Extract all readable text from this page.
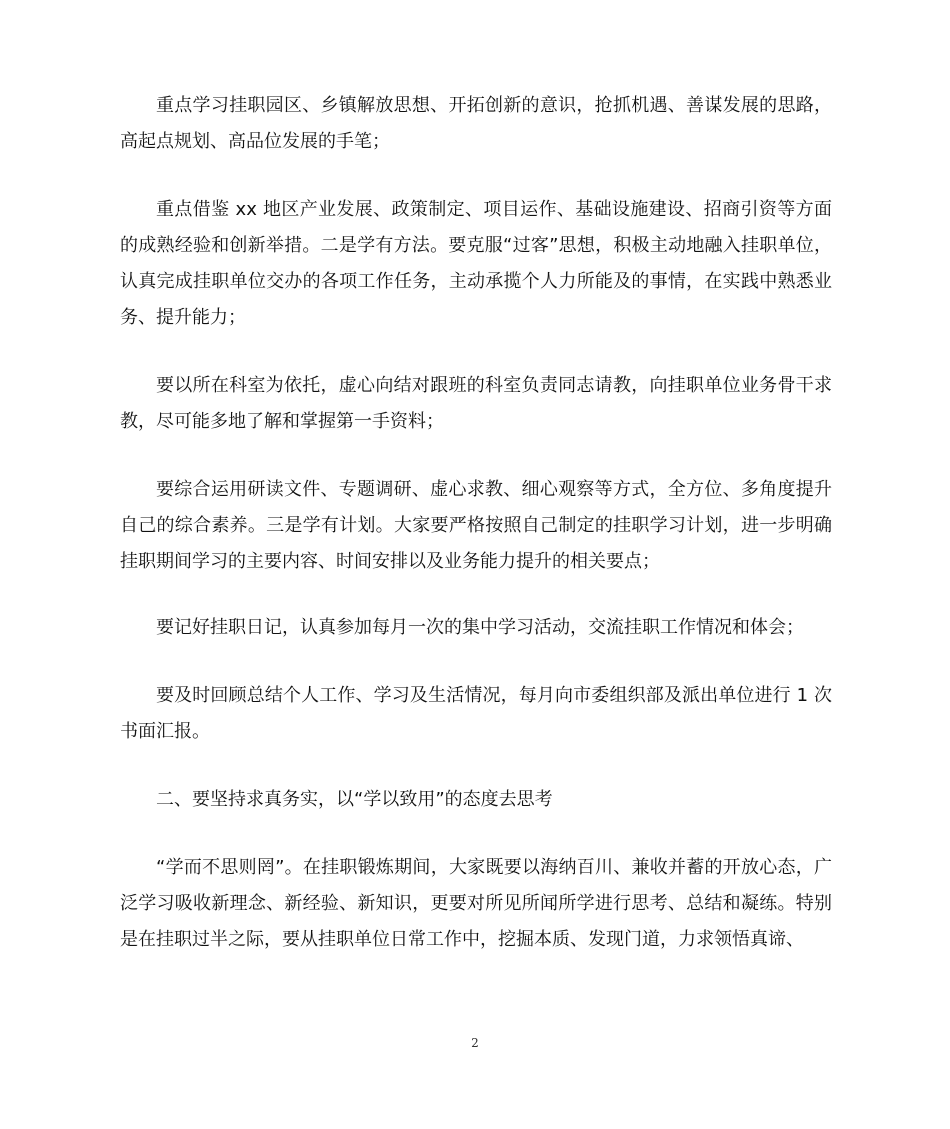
重点学习挂职园区、乡镇解放思想、开拓创新的意识，抢抓机遇、善谋发展的思路，高起点规划、高品位发展的手笔；

重点借鉴 xx 地区产业发展、政策制定、项目运作、基础设施建设、招商引资等方面的成熟经验和创新举措。二是学有方法。要克服“过客”思想，积极主动地融入挂职单位，认真完成挂职单位交办的各项工作任务，主动承揽个人力所能及的事情，在实践中熟悉业务、提升能力；

要以所在科室为依托，虚心向结对跟班的科室负责同志请教，向挂职单位业务骨干求教，尽可能多地了解和掌握第一手资料；

要综合运用研读文件、专题调研、虚心求教、细心观察等方式，全方位、多角度提升自己的综合素养。三是学有计划。大家要严格按照自己制定的挂职学习计划，进一步明确挂职期间学习的主要内容、时间安排以及业务能力提升的相关要点；

要记好挂职日记，认真参加每月一次的集中学习活动，交流挂职工作情况和体会；

要及时回顾总结个人工作、学习及生活情况，每月向市委组织部及派出单位进行 1 次书面汇报。

二、要坚持求真务实，以“学以致用”的态度去思考

“学而不思则罔”。在挂职锻炼期间，大家既要以海纳百川、兼收并蓄的开放心态，广泛学习吸收新理念、新经验、新知识，更要对所见所闻所学进行思考、总结和凝练。特别是在挂职过半之际，要从挂职单位日常工作中，挖掘本质、发现门道，力求领悟真谛、

2
